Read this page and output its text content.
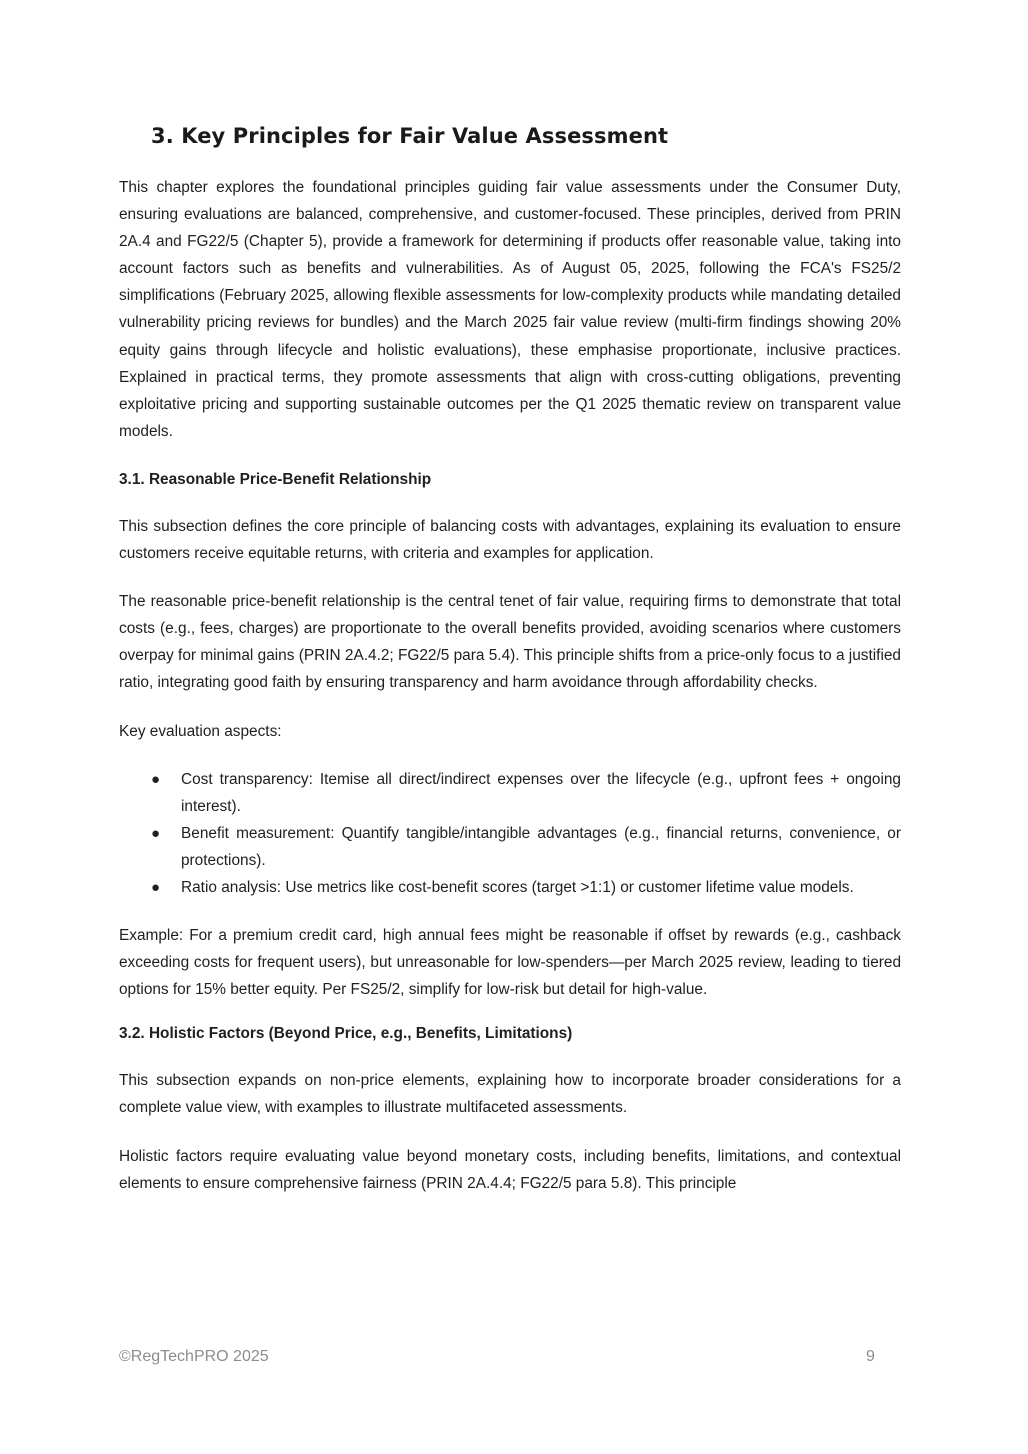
3. Key Principles for Fair Value Assessment

This chapter explores the foundational principles guiding fair value assessments under the Consumer Duty, ensuring evaluations are balanced, comprehensive, and customer-focused. These principles, derived from PRIN 2A.4 and FG22/5 (Chapter 5), provide a framework for determining if products offer reasonable value, taking into account factors such as benefits and vulnerabilities. As of August 05, 2025, following the FCA's FS25/2 simplifications (February 2025, allowing flexible assessments for low-complexity products while mandating detailed vulnerability pricing reviews for bundles) and the March 2025 fair value review (multi-firm findings showing 20% equity gains through lifecycle and holistic evaluations), these emphasise proportionate, inclusive practices. Explained in practical terms, they promote assessments that align with cross-cutting obligations, preventing exploitative pricing and supporting sustainable outcomes per the Q1 2025 thematic review on transparent value models.

3.1. Reasonable Price-Benefit Relationship

This subsection defines the core principle of balancing costs with advantages, explaining its evaluation to ensure customers receive equitable returns, with criteria and examples for application.

The reasonable price-benefit relationship is the central tenet of fair value, requiring firms to demonstrate that total costs (e.g., fees, charges) are proportionate to the overall benefits provided, avoiding scenarios where customers overpay for minimal gains (PRIN 2A.4.2; FG22/5 para 5.4). This principle shifts from a price-only focus to a justified ratio, integrating good faith by ensuring transparency and harm avoidance through affordability checks.

Key evaluation aspects:

● Cost transparency: Itemise all direct/indirect expenses over the lifecycle (e.g., upfront fees + ongoing interest).
● Benefit measurement: Quantify tangible/intangible advantages (e.g., financial returns, convenience, or protections).
● Ratio analysis: Use metrics like cost-benefit scores (target >1:1) or customer lifetime value models.

Example: For a premium credit card, high annual fees might be reasonable if offset by rewards (e.g., cashback exceeding costs for frequent users), but unreasonable for low-spenders—per March 2025 review, leading to tiered options for 15% better equity. Per FS25/2, simplify for low-risk but detail for high-value.

3.2. Holistic Factors (Beyond Price, e.g., Benefits, Limitations)

This subsection expands on non-price elements, explaining how to incorporate broader considerations for a complete value view, with examples to illustrate multifaceted assessments.

Holistic factors require evaluating value beyond monetary costs, including benefits, limitations, and contextual elements to ensure comprehensive fairness (PRIN 2A.4.4; FG22/5 para 5.8). This principle

©RegTechPRO 2025	9
